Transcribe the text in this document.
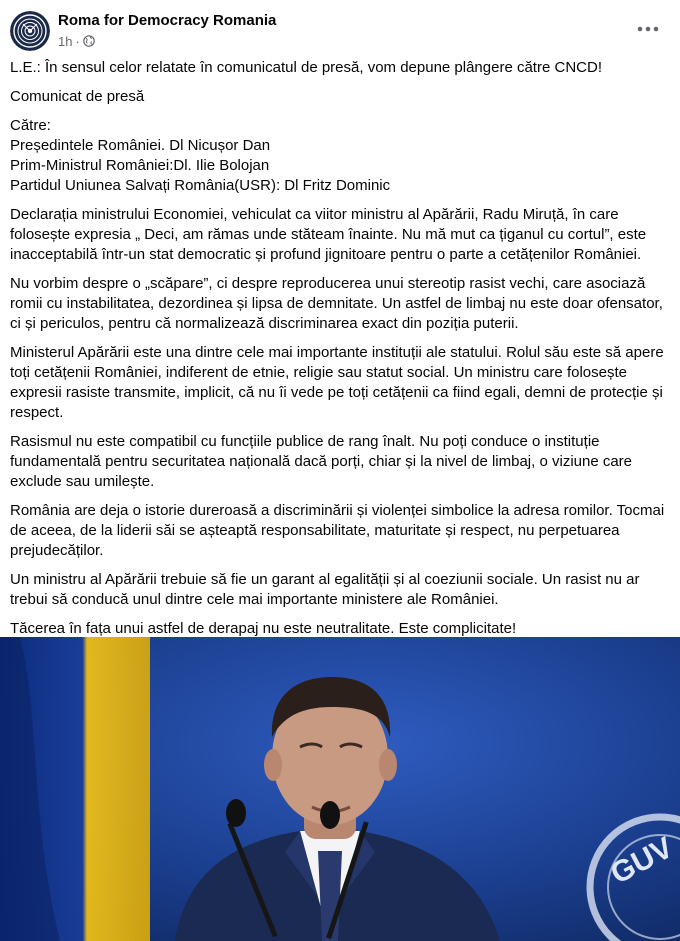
Roma for Democracy Romania
1h ·

L.E.: În sensul celor relatate în comunicatul de presă, vom depune plângere către CNCD!

Comunicat de presă

Către:
Președintele României. Dl Nicușor Dan
Prim-Ministrul României:Dl. Ilie Bolojan
Partidul Uniunea Salvați România(USR): Dl Fritz Dominic

Declarația ministrului Economiei, vehiculat ca viitor ministru al Apărării, Radu Miruță, în care
folosește expresia „ Deci, am rămas unde stăteam înainte. Nu mă mut ca țiganul cu cortul”, este
inacceptabilă într-un stat democratic și profund jignitoare pentru o parte a cetățenilor României.

Nu vorbim despre o „scăpare”, ci despre reproducerea unui stereotip rasist vechi, care asociază
romii cu instabilitatea, dezordinea și lipsa de demnitate. Un astfel de limbaj nu este doar ofensator,
ci și periculos, pentru că normalizează discriminarea exact din poziția puterii.

Ministerul Apărării este una dintre cele mai importante instituții ale statului. Rolul său este să apere
toți cetățenii României, indiferent de etnie, religie sau statut social. Un ministru care folosește
expresii rasiste transmite, implicit, că nu îi vede pe toți cetățenii ca fiind egali, demni de protecție și
respect.

Rasismul nu este compatibil cu funcțiile publice de rang înalt. Nu poți conduce o instituție
fundamentală pentru securitatea națională dacă porți, chiar și la nivel de limbaj, o viziune care
exclude sau umilește.

România are deja o istorie dureroasă a discriminării și violenței simbolice la adresa romilor. Tocmai
de aceea, de la liderii săi se așteaptă responsabilitate, maturitate și respect, nu perpetuarea
prejudecăților.

Un ministru al Apărării trebuie să fie un garant al egalității și al coeziunii sociale. Un rasist nu ar
trebui să conducă unul dintre cele mai importante ministere ale României.

Tăcerea în fața unui astfel de derapaj nu este neutralitate. Este complicitate!

GUV
